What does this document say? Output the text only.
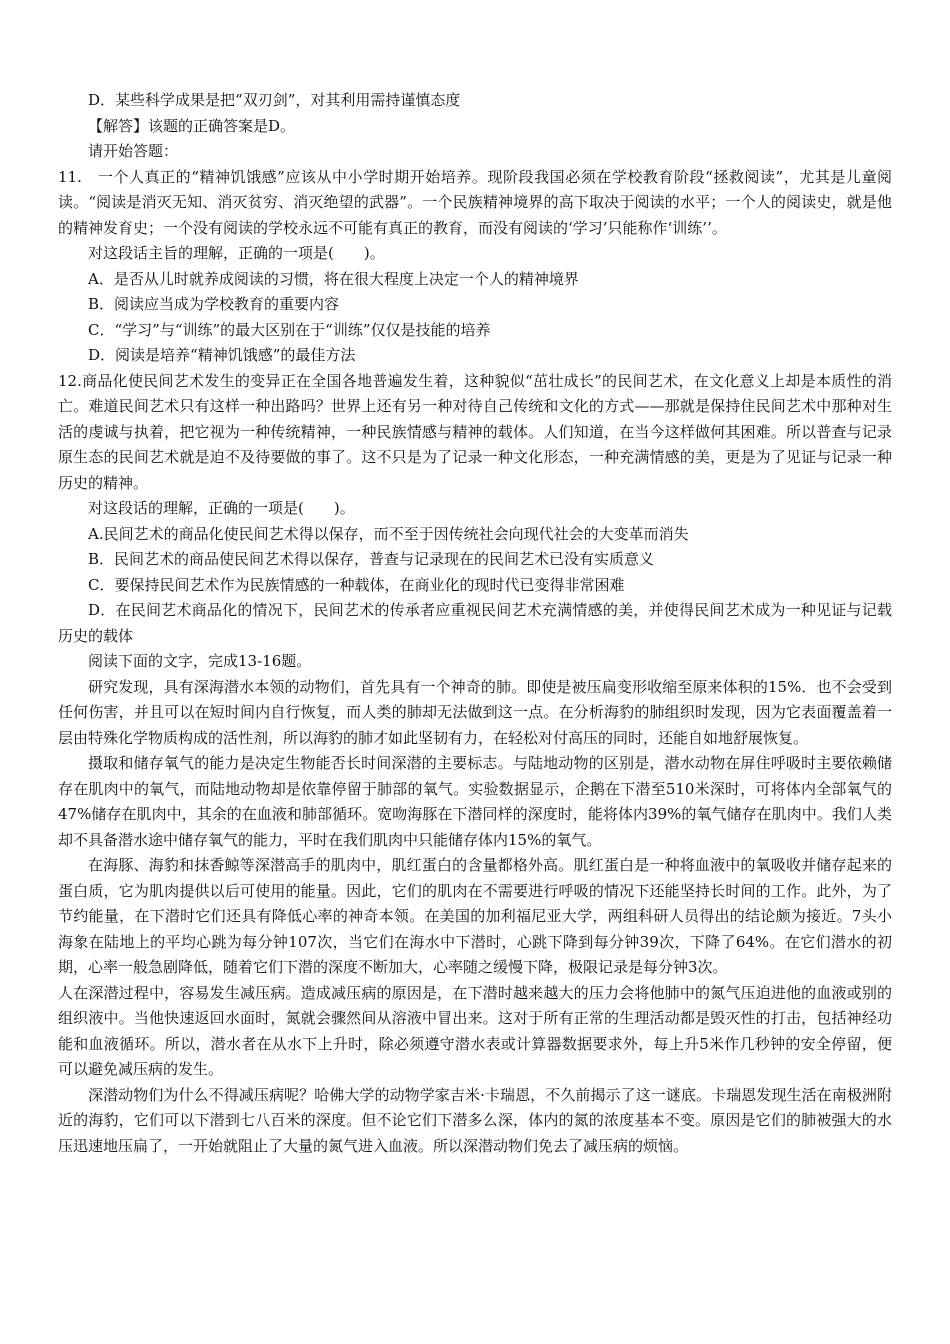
D．某些科学成果是把“双刃剑”，对其利用需持谨慎态度

【解答】该题的正确答案是D。

请开始答题：

11.　一个人真正的“精神饥饿感”应该从中小学时期开始培养。现阶段我国必须在学校教育阶段“拯救阅读”，尤其是儿童阅读。“阅读是消灭无知、消灭贫穷、消灭绝望的武器”。一个民族精神境界的高下取决于阅读的水平；一个人的阅读史，就是他的精神发育史；一个没有阅读的学校永远不可能有真正的教育，而没有阅读的‘学习’只能称作‘训练’’。

对这段话主旨的理解，正确的一项是(　　)。

A．是否从儿时就养成阅读的习惯，将在很大程度上决定一个人的精神境界

B．阅读应当成为学校教育的重要内容

C．“学习”与“训练”的最大区别在于“训练”仅仅是技能的培养

D．阅读是培养“精神饥饿感”的最佳方法

12.商品化使民间艺术发生的变异正在全国各地普遍发生着，这种貌似“茁壮成长”的民间艺术，在文化意义上却是本质性的消亡。难道民间艺术只有这样一种出路吗？世界上还有另一种对待自己传统和文化的方式——那就是保持住民间艺术中那种对生活的虔诚与执着，把它视为一种传统精神，一种民族情感与精神的载体。人们知道，在当今这样做何其困难。所以普查与记录原生态的民间艺术就是迫不及待要做的事了。这不只是为了记录一种文化形态，一种充满情感的美，更是为了见证与记录一种历史的精神。

对这段话的理解，正确的一项是(　　)。

A.民间艺术的商品化使民间艺术得以保存，而不至于因传统社会向现代社会的大变革而消失

B．民间艺术的商品使民间艺术得以保存，普查与记录现在的民间艺术已没有实质意义

C．要保持民间艺术作为民族情感的一种载体，在商业化的现时代已变得非常困难

D．在民间艺术商品化的情况下，民间艺术的传承者应重视民间艺术充满情感的美，并使得民间艺术成为一种见证与记载历史的载体

阅读下面的文字，完成13-16题。

研究发现，具有深海潜水本领的动物们，首先具有一个神奇的肺。即使是被压扁变形收缩至原来体积的15%．也不会受到任何伤害，并且可以在短时间内自行恢复，而人类的肺却无法做到这一点。在分析海豹的肺组织时发现，因为它表面覆盖着一层由特殊化学物质构成的活性剂，所以海豹的肺才如此坚韧有力，在轻松对付高压的同时，还能自如地舒展恢复。

摄取和储存氧气的能力是决定生物能否长时间深潜的主要标志。与陆地动物的区别是，潜水动物在屏住呼吸时主要依赖储存在肌肉中的氧气，而陆地动物却是依靠停留于肺部的氧气。实验数据显示，企鹅在下潜至510米深时，可将体内全部氧气的47%储存在肌肉中，其余的在血液和肺部循环。宽吻海豚在下潜同样的深度时，能将体内39%的氧气储存在肌肉中。我们人类却不具备潜水途中储存氧气的能力，平时在我们肌肉中只能储存体内15%的氧气。

在海豚、海豹和抹香鲸等深潜高手的肌肉中，肌红蛋白的含量都格外高。肌红蛋白是一种将血液中的氧吸收并储存起来的蛋白质，它为肌肉提供以后可使用的能量。因此，它们的肌肉在不需要进行呼吸的情况下还能坚持长时间的工作。此外，为了节约能量，在下潜时它们还具有降低心率的神奇本领。在美国的加利福尼亚大学，两组科研人员得出的结论颇为接近。7头小海象在陆地上的平均心跳为每分钟107次，当它们在海水中下潜时，心跳下降到每分钟39次，下降了64%。在它们潜水的初期，心率一般急剧降低，随着它们下潜的深度不断加大，心率随之缓慢下降，极限记录是每分钟3次。

人在深潜过程中，容易发生减压病。造成减压病的原因是，在下潜时越来越大的压力会将他肺中的氮气压迫进他的血液或别的组织液中。当他快速返回水面时，氮就会骤然间从溶液中冒出来。这对于所有正常的生理活动都是毁灭性的打击，包括神经功能和血液循环。所以，潜水者在从水下上升时，除必须遵守潜水表或计算器数据要求外，每上升5米作几秒钟的安全停留，便可以避免减压病的发生。

深潜动物们为什么不得减压病呢？哈佛大学的动物学家吉米·卡瑞恩，不久前揭示了这一谜底。卡瑞恩发现生活在南极洲附近的海豹，它们可以下潜到七八百米的深度。但不论它们下潜多么深，体内的氮的浓度基本不变。原因是它们的肺被强大的水压迅速地压扁了，一开始就阻止了大量的氮气进入血液。所以深潜动物们免去了减压病的烦恼。
